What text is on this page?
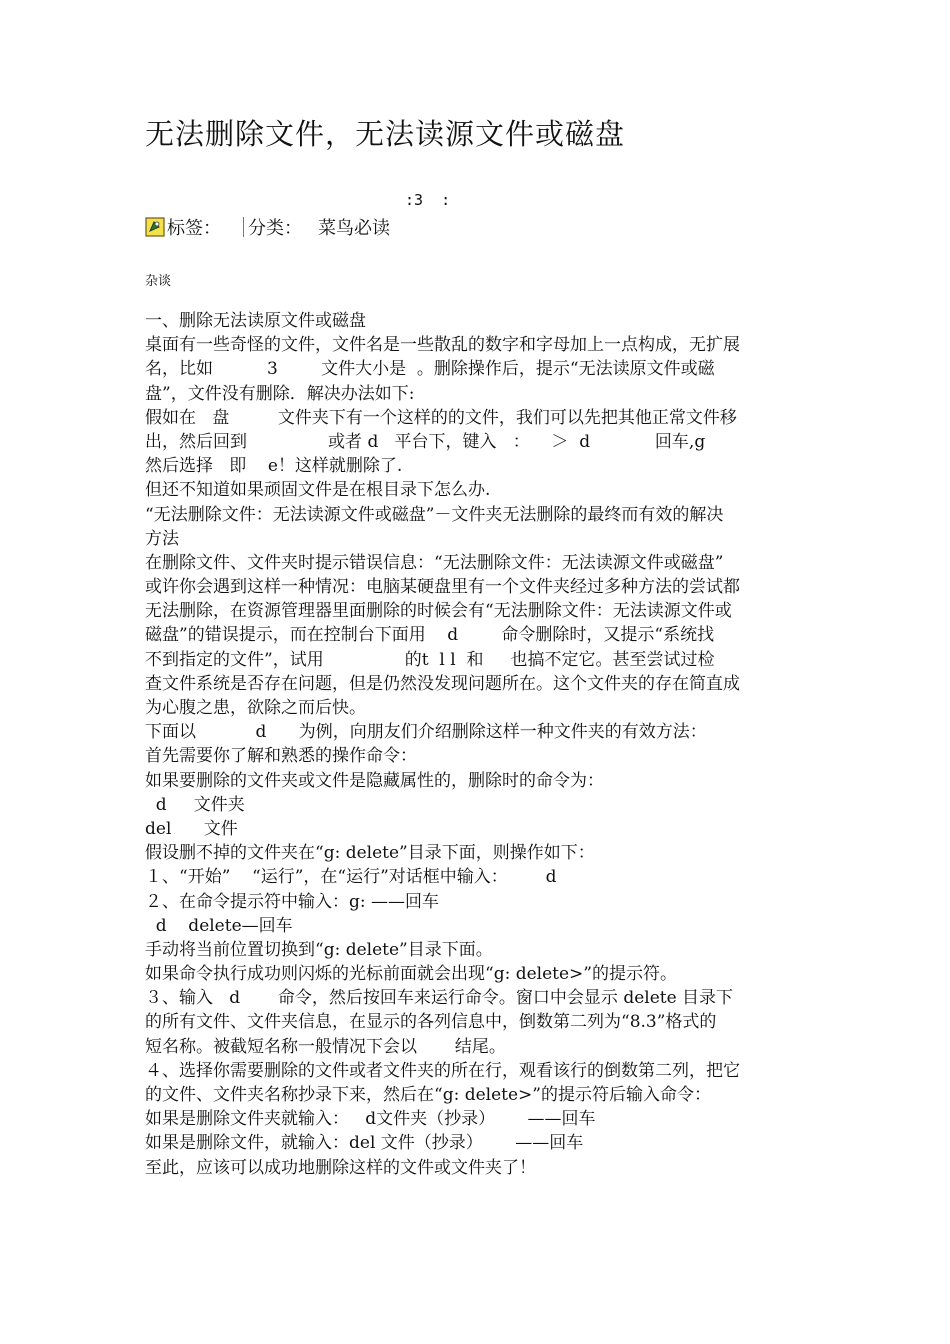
无法删除文件，无法读源文件或磁盘
:3  :
标签： 分类： 菜鸟必读
杂谈
一、删除无法读原文件或磁盘
桌面有一些奇怪的文件，文件名是一些散乱的数字和字母加上一点构成，无扩展
名，比如          3        文件大小是  。删除操作后，提示“无法读原文件或磁
盘”，文件没有删除．解决办法如下:
假如在   盘         文件夹下有一个这样的的文件，我们可以先把其他正常文件移
出，然后回到               或者 d   平台下，键入   ：    ＞  d            回车,g
然后选择   即    e！这样就删除了.
但还不知道如果顽固文件是在根目录下怎么办.
“无法删除文件：无法读源文件或磁盘”－文件夹无法删除的最终而有效的解决
方法
在删除文件、文件夹时提示错误信息：“无法删除文件：无法读源文件或磁盘”
或许你会遇到这样一种情况：电脑某硬盘里有一个文件夹经过多种方法的尝试都
无法删除，在资源管理器里面删除的时候会有“无法删除文件：无法读源文件或
磁盘”的错误提示，而在控制台下面用    d        命令删除时，又提示“系统找
不到指定的文件”，试用               的t  l l  和     也搞不定它。甚至尝试过检
查文件系统是否存在问题，但是仍然没发现问题所在。这个文件夹的存在简直成
为心腹之患，欲除之而后快。
下面以           d      为例，向朋友们介绍删除这样一种文件夹的有效方法：
首先需要你了解和熟悉的操作命令：
如果要删除的文件夹或文件是隐藏属性的，删除时的命令为：
d     文件夹
del      文件
假设删不掉的文件夹在“g: delete”目录下面，则操作如下：
１、“开始”    “运行”，在“运行”对话框中输入：       d
２、在命令提示符中输入：g: ——回车
d    delete—回车
手动将当前位置切换到“g: delete”目录下面。
如果命令执行成功则闪烁的光标前面就会出现“g: delete>”的提示符。
３、输入   d       命令，然后按回车来运行命令。窗口中会显示 delete 目录下
的所有文件、文件夹信息，在显示的各列信息中，倒数第二列为“8.3”格式的
短名称。被截短名称一般情况下会以       结尾。
４、选择你需要删除的文件或者文件夹的所在行，观看该行的倒数第二列，把它
的文件、文件夹名称抄录下来，然后在“g: delete>”的提示符后输入命令：
如果是删除文件夹就输入：   d文件夹（抄录）      ——回车
如果是删除文件，就输入：del 文件（抄录）      ——回车
至此，应该可以成功地删除这样的文件或文件夹了！
